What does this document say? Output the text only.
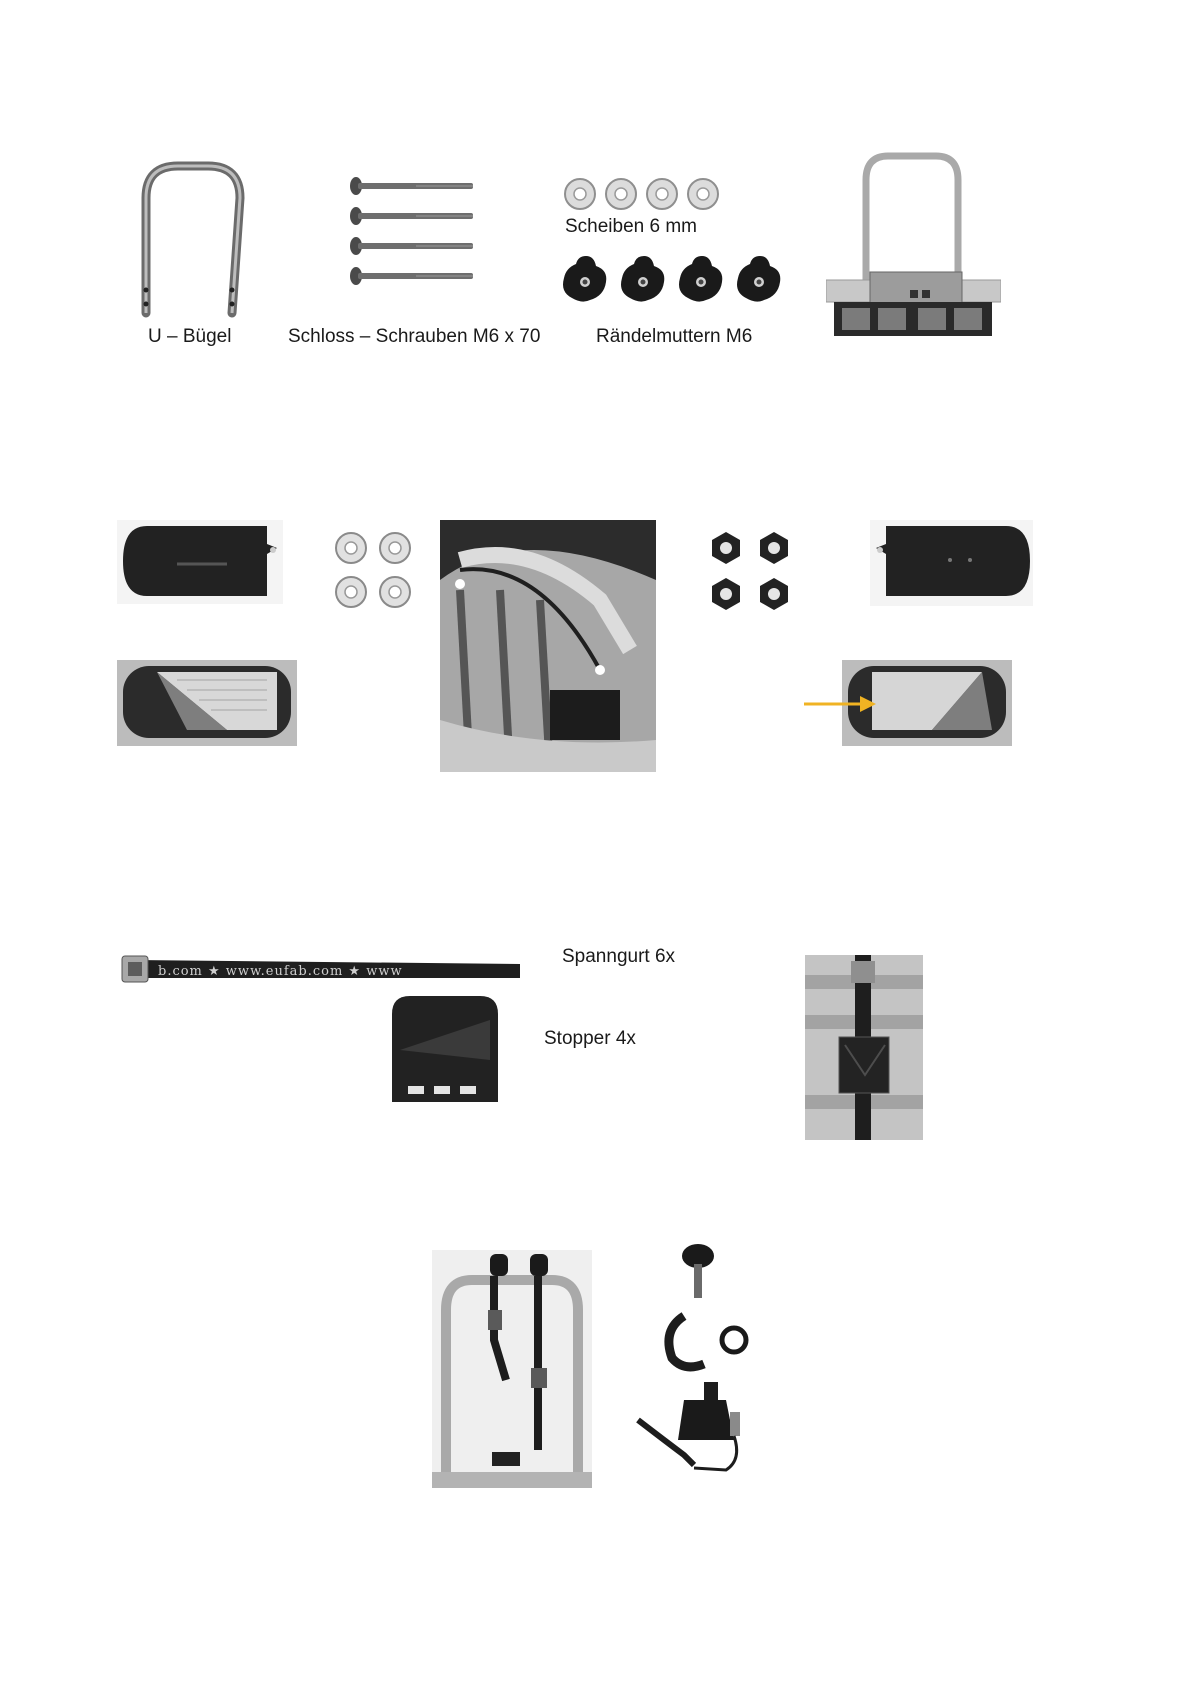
U – Bügel	Schloss – Schrauben M6 x 70
Scheiben 6 mm
Rändelmuttern M6
b.com ★ www.eufab.com ★ www
Spanngurt 6x
Stopper 4x
